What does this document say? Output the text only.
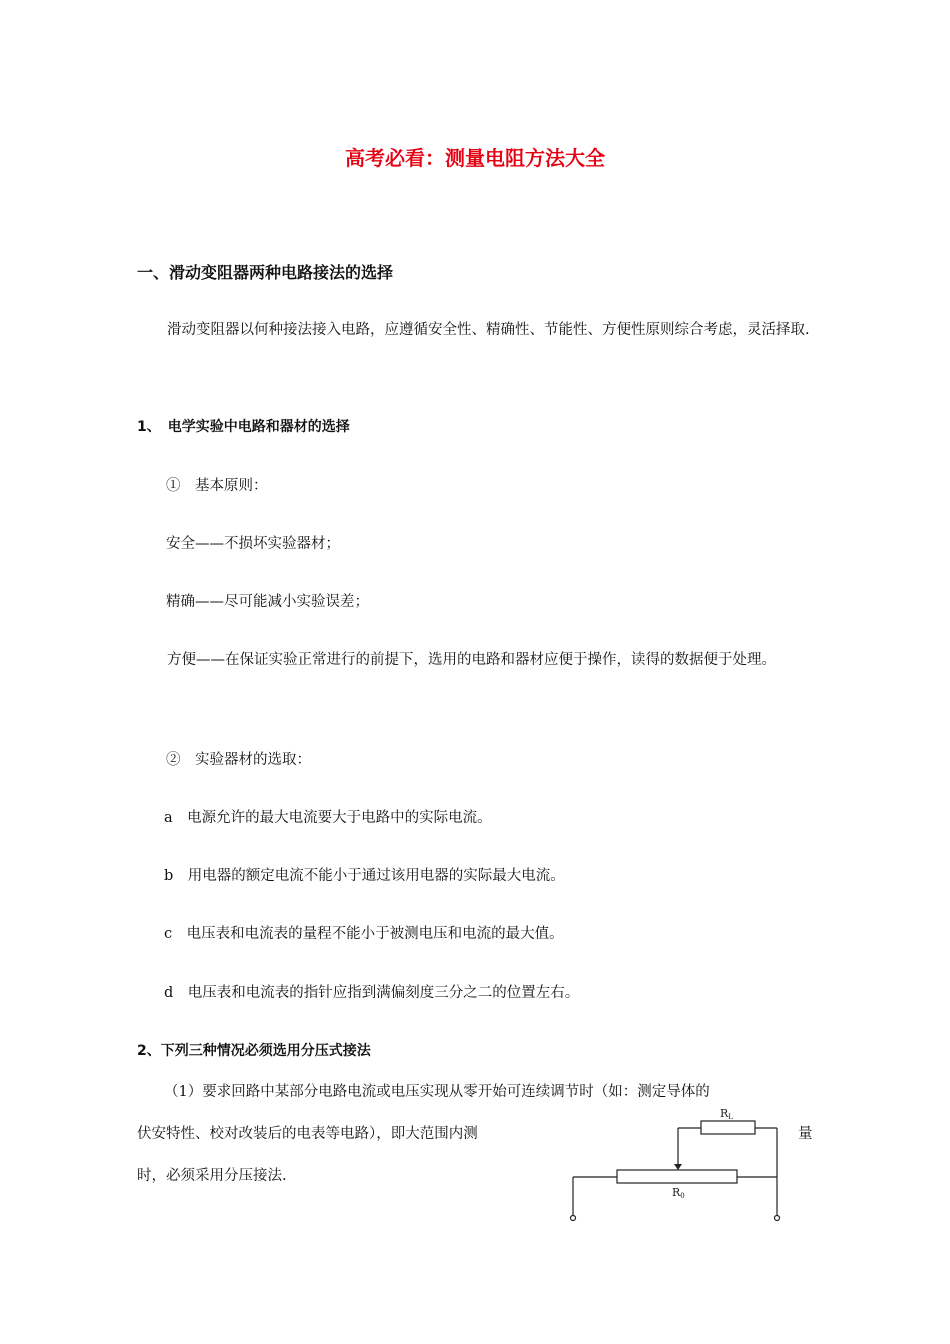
高考必看：测量电阻方法大全
一、滑动变阻器两种电路接法的选择
滑动变阻器以何种接法接入电路，应遵循安全性、精确性、节能性、方便性原则综合考虑，灵活择取.
1、　电学实验中电路和器材的选择
①　基本原则：
安全——不损坏实验器材；
精确——尽可能减小实验误差；
方便——在保证实验正常进行的前提下，选用的电路和器材应便于操作，读得的数据便于处理。
②　实验器材的选取：
a　电源允许的最大电流要大于电路中的实际电流。
b　用电器的额定电流不能小于通过该用电器的实际最大电流。
c　电压表和电流表的量程不能小于被测电压和电流的最大值。
d　电压表和电流表的指针应指到满偏刻度三分之二的位置左右。
2、下列三种情况必须选用分压式接法
（1）要求回路中某部分电路电流或电压实现从零开始可连续调节时（如：测定导体的
伏安特性、校对改装后的电表等电路），即大范围内测	量
时，必须采用分压接法.
RL
R0
